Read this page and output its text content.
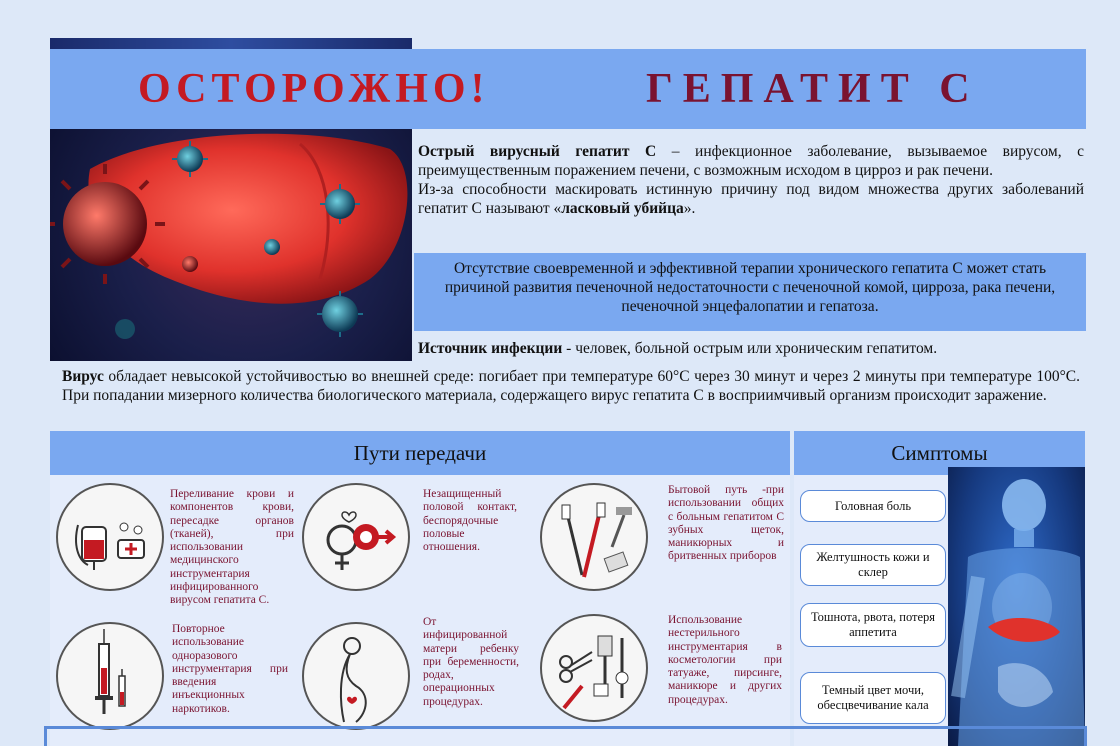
ОСТОРОЖНО!	ГЕПАТИТ С

Острый вирусный гепатит С – инфекционное заболевание, вызываемое вирусом, с преимущественным поражением печени, с возможным исходом в цирроз и рак печени.

Из-за способности маскировать истинную причину под видом множества других заболеваний гепатит С называют «ласковый убийца».

Отсутствие своевременной и эффективной терапии хронического гепатита С может стать причиной развития печеночной недостаточности с печеночной комой, цирроза, рака печени, печеночной энцефалопатии и гепатоза.
Источник инфекции - человек, больной острым или хроническим гепатитом.
Вирус обладает невысокой устойчивостью во внешней среде: погибает при температуре 60°С через 30 минут и через 2 минуты при температуре 100°С. При попадании мизерного количества биологического материала, содержащего вирус гепатита С в восприимчивый организм происходит заражение.
Пути передачи	Симптомы
Переливание крови и компонентов крови, пересадке органов (тканей), при использовании медицинского инструментария инфицированного вирусом гепатита С.
Незащищенный половой контакт, беспорядочные половые отношения.
Бытовой путь -при использовании общих с больным гепатитом С зубных щеток, маникюрных и бритвенных приборов
Повторное использование одноразового инструментария при введения инъекционных наркотиков.
От инфицированной матери ребенку при беременности, родах, операционных процедурах.
Использование нестерильного инструментария в косметологии при татуаже, пирсинге, маникюре и других процедурах.
Головная боль
Желтушность кожи и склер
Тошнота, рвота, потеря аппетита
Темный цвет мочи, обесцвечивание кала
